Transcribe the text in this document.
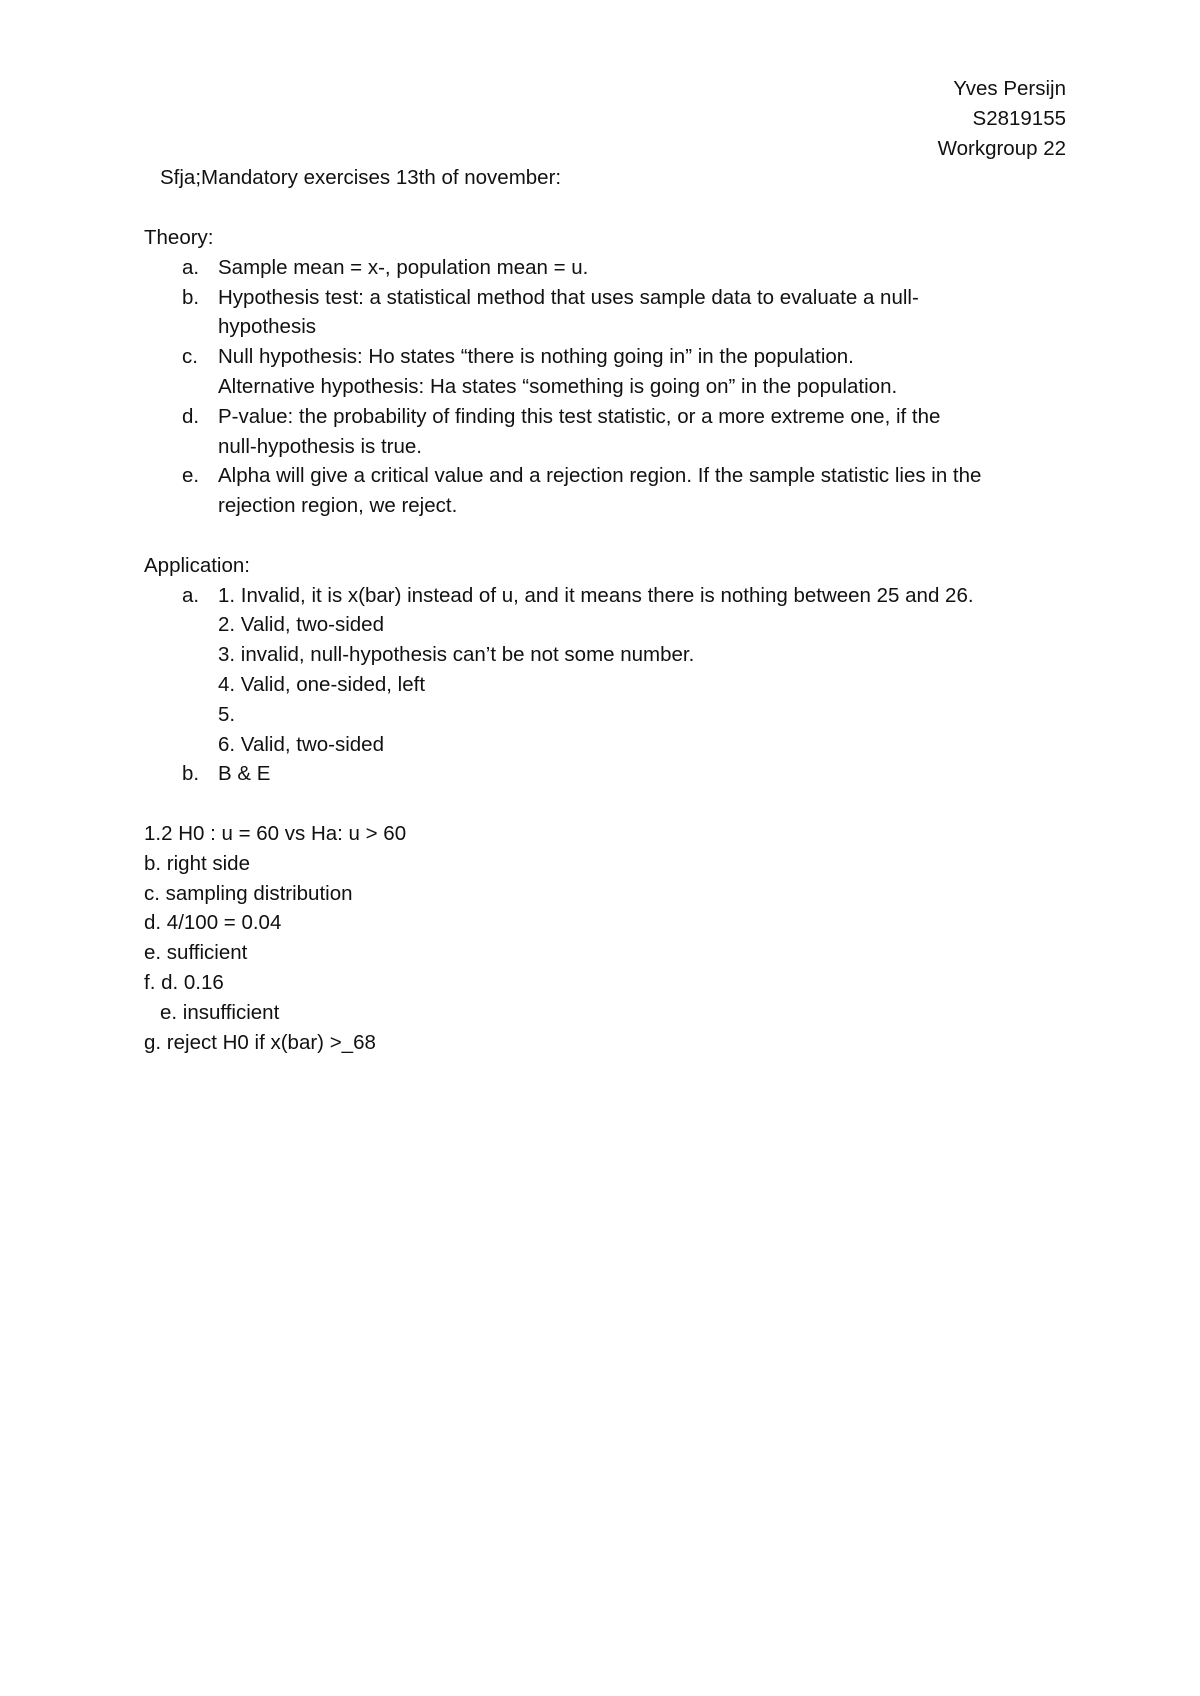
Yves Persijn
S2819155
Workgroup 22
Sfja;Mandatory exercises 13th of november:
Theory:
a. Sample mean = x-, population mean = u.
b. Hypothesis test: a statistical method that uses sample data to evaluate a null-
hypothesis
c. Null hypothesis: Ho states “there is nothing going in” in the population.
Alternative hypothesis: Ha states “something is going on” in the population.
d. P-value: the probability of finding this test statistic, or a more extreme one, if the
null-hypothesis is true.
e. Alpha will give a critical value and a rejection region. If the sample statistic lies in the
rejection region, we reject.
Application:
a. 1. Invalid, it is x(bar) instead of u, and it means there is nothing between 25 and 26.
2. Valid, two-sided
3. invalid, null-hypothesis can’t be not some number.
4. Valid, one-sided, left
5.
6. Valid, two-sided
b. B & E
1.2 H0 : u = 60 vs Ha: u > 60
b. right side
c. sampling distribution
d. 4/100 = 0.04
e. sufficient
f. d. 0.16
e. insufficient
g. reject H0 if x(bar) >_68
